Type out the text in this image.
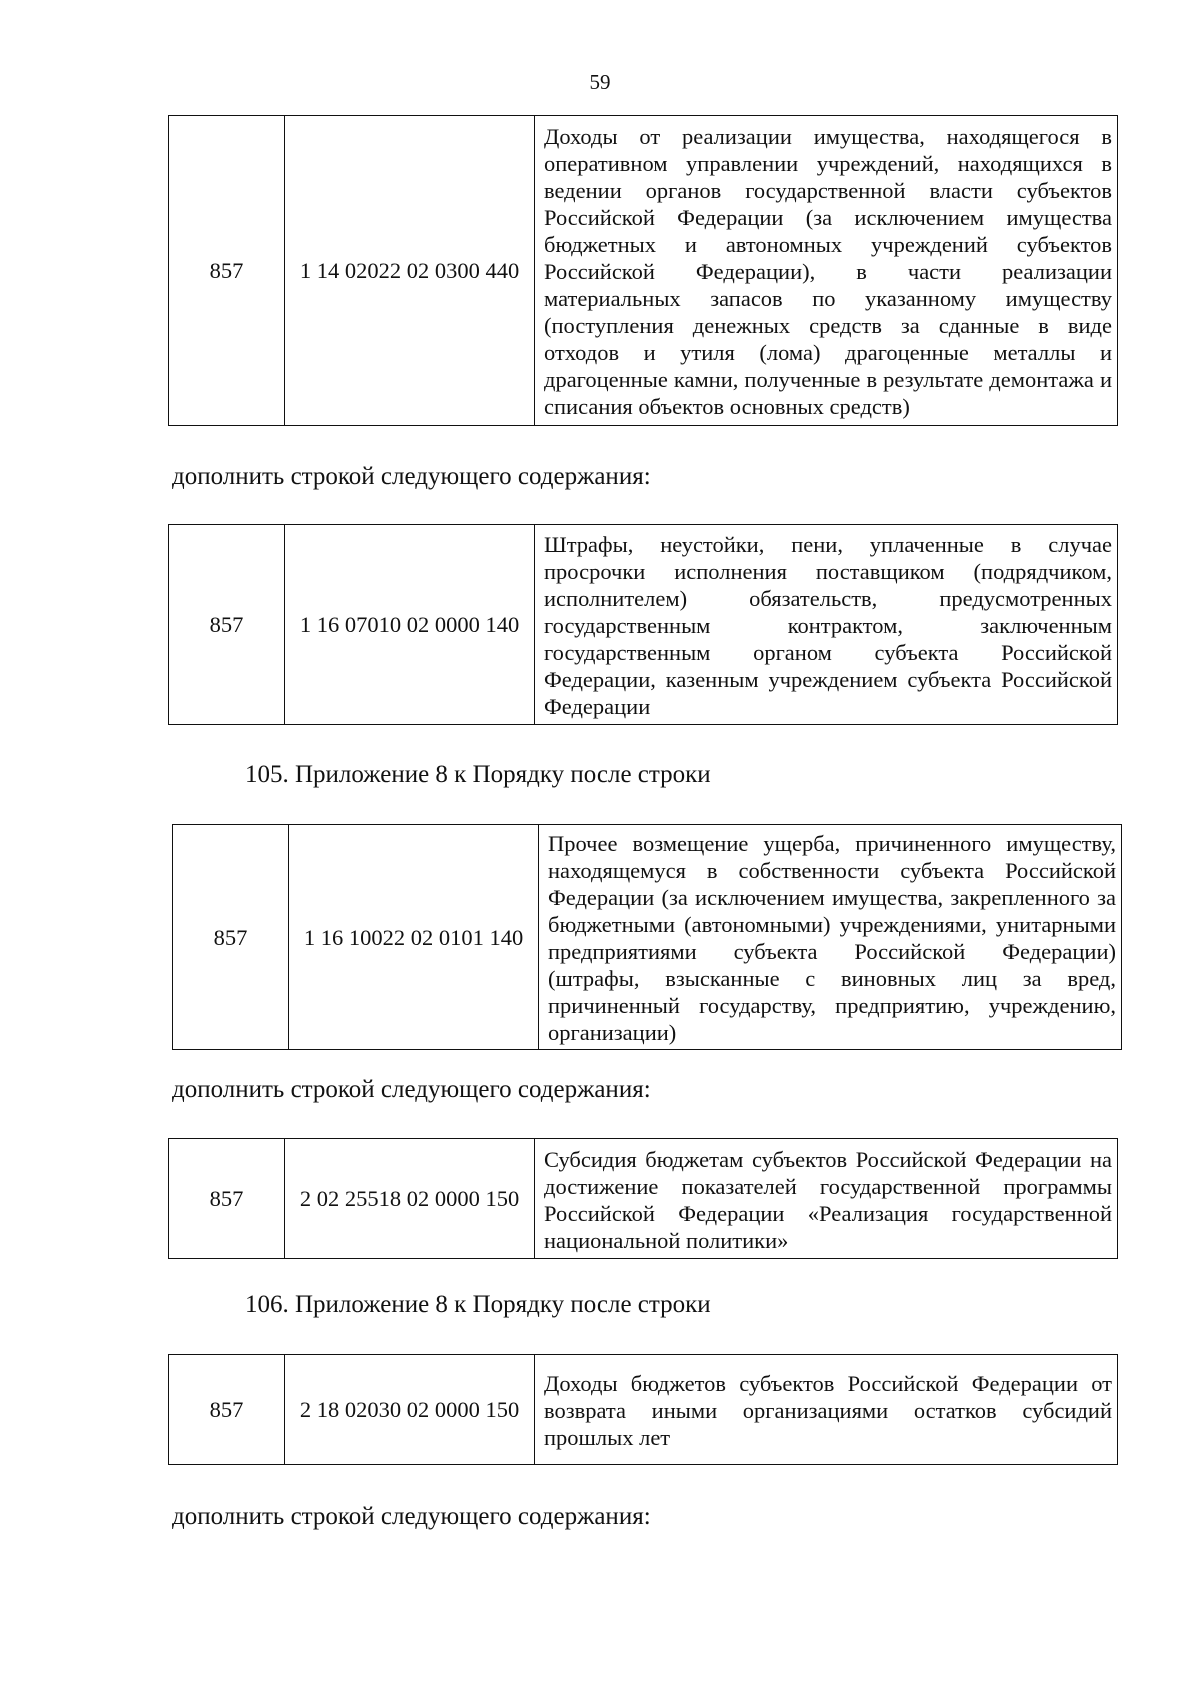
59
857	1 14 02022 02 0300 440	Доходы от реализации имущества, находящегося в оперативном управлении учреждений, находящихся в ведении органов государственной власти субъектов Российской Федерации (за исключением имущества бюджетных и автономных учреждений субъектов Российской Федерации), в части реализации материальных запасов по указанному имуществу (поступления денежных средств за сданные в виде отходов и утиля (лома) драгоценные металлы и драгоценные камни, полученные в результате демонтажа и списания объектов основных средств)
дополнить строкой следующего содержания:
857	1 16 07010 02 0000 140	Штрафы, неустойки, пени, уплаченные в случае просрочки исполнения поставщиком (подрядчиком, исполнителем) обязательств, предусмотренных государственным контрактом, заключенным государственным органом субъекта Российской Федерации, казенным учреждением субъекта Российской Федерации
105. Приложение 8 к Порядку после строки
857	1 16 10022 02 0101 140	Прочее возмещение ущерба, причиненного имуществу, находящемуся в собственности субъекта Российской Федерации (за исключением имущества, закрепленного за бюджетными (автономными) учреждениями, унитарными предприятиями субъекта Российской Федерации) (штрафы, взысканные с виновных лиц за вред, причиненный государству, предприятию, учреждению, организации)
дополнить строкой следующего содержания:
857	2 02 25518 02 0000 150	Субсидия бюджетам субъектов Российской Федерации на достижение показателей государственной программы Российской Федерации «Реализация государственной национальной политики»
106. Приложение 8 к Порядку после строки
857	2 18 02030 02 0000 150	Доходы бюджетов субъектов Российской Федерации от возврата иными организациями остатков субсидий прошлых лет
дополнить строкой следующего содержания:
